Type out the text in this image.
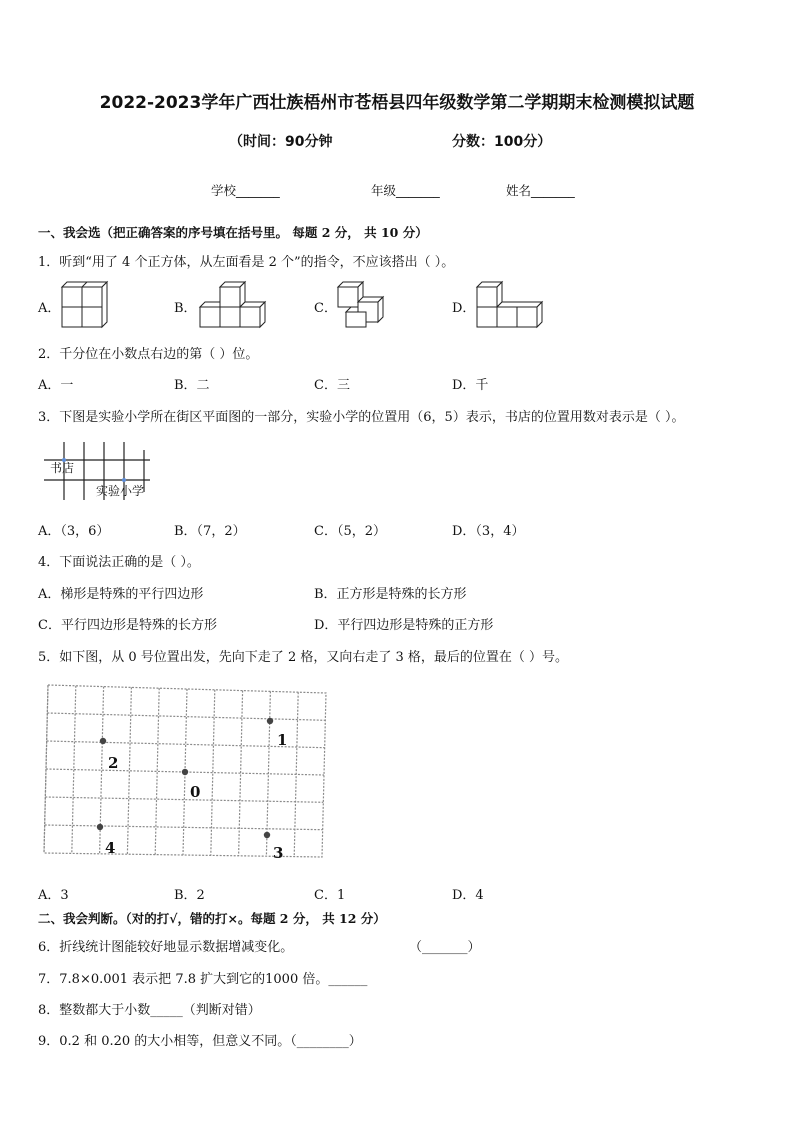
2022-2023学年广西壮族梧州市苍梧县四年级数学第二学期期末检测模拟试题
（时间：90分钟	分数：100分）
学校_______	年级_______	姓名_______
一、我会选（把正确答案的序号填在括号里。 每题 2 分， 共 10 分）
1．听到“用了 4 个正方体，从左面看是 2 个”的指令，不应该搭出（ ）。
A．	B．	C．	D．
2．千分位在小数点右边的第（ ）位。
A．一	B．二	C．三	D．千
3．下图是实验小学所在街区平面图的一部分，实验小学的位置用（6，5）表示，书店的位置用数对表示是（ ）。
书店
实验小学
A．（3，6）	B．（7，2）	C．（5，2）	D．（3，4）
4．下面说法正确的是（ ）。
A．梯形是特殊的平行四边形	B．正方形是特殊的长方形
C．平行四边形是特殊的长方形	D．平行四边形是特殊的正方形
5．如下图，从 0 号位置出发，先向下走了 2 格，又向右走了 3 格，最后的位置在（ ）号。
0
1
2
3
4
A．3	B．2	C．1	D．4
二、我会判断。（对的打√，错的打×。每题 2 分， 共 12 分）
6．折线统计图能较好地显示数据增减变化。	（_______）
7．7.8×0.001 表示把 7.8 扩大到它的1000 倍。______
8．整数都大于小数_____（判断对错）
9．0.2 和 0.20 的大小相等，但意义不同。（________）
